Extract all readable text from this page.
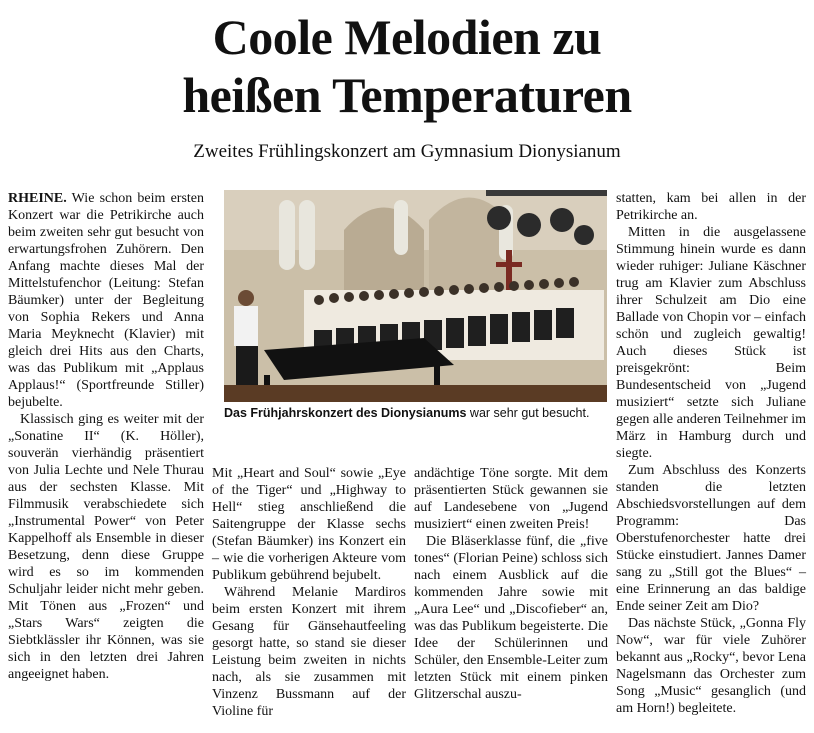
Coole Melodien zu
heißen Temperaturen
Zweites Frühlingskonzert am Gymnasium Dionysianum

RHEINE. Wie schon beim ersten Konzert war die Petrikirche auch beim zweiten sehr gut besucht von erwartungsfrohen Zuhörern. Den Anfang machte dieses Mal der Mittelstufenchor (Leitung: Stefan Bäumker) unter der Begleitung von Sophia Rekers und Anna Maria Meyknecht (Klavier) mit gleich drei Hits aus den Charts, was das Publikum mit „Applaus Applaus!“ (Sportfreunde Stiller) bejubelte.

Klassisch ging es weiter mit der „Sonatine II“ (K. Höller), souverän vierhändig präsentiert von Julia Lechte und Nele Thurau aus der sechsten Klasse. Mit Filmmusik verabschiedete sich „Instrumental Power“ von Peter Kappelhoff als Ensemble in dieser Besetzung, denn diese Gruppe wird es so im kommenden Schuljahr leider nicht mehr geben. Mit Tönen aus „Frozen“ und „Stars Wars“ zeigten die Siebtklässler ihr Können, was sie sich in den letzten drei Jahren angeeignet haben.

Das Frühjahrskonzert des Dionysianums war sehr gut besucht.

Mit „Heart and Soul“ sowie „Eye of the Tiger“ und „Highway to Hell“ stieg anschließend die Saitengruppe der Klasse sechs (Stefan Bäumker) ins Konzert ein – wie die vorherigen Akteure vom Publikum gebührend bejubelt.

Während Melanie Mardiros beim ersten Konzert mit ihrem Gesang für Gänsehautfeeling gesorgt hatte, so stand sie dieser Leistung beim zweiten in nichts nach, als sie zusammen mit Vinzenz Bussmann auf der Violine für

andächtige Töne sorgte. Mit dem präsentierten Stück gewannen sie auf Landesebene von „Jugend musiziert“ einen zweiten Preis!

Die Bläserklasse fünf, die „five tones“ (Florian Peine) schloss sich nach einem Ausblick auf die kommenden Jahre sowie mit „Aura Lee“ und „Discofieber“ an, was das Publikum begeisterte. Die Idee der Schülerinnen und Schüler, den Ensemble-Leiter zum letzten Stück mit einem pinken Glitzerschal auszu-

statten, kam bei allen in der Petrikirche an.

Mitten in die ausgelassene Stimmung hinein wurde es dann wieder ruhiger: Juliane Käschner trug am Klavier zum Abschluss ihrer Schulzeit am Dio eine Ballade von Chopin vor – einfach schön und zugleich gewaltig! Auch dieses Stück ist preisgekrönt: Beim Bundesentscheid von „Jugend musiziert“ setzte sich Juliane gegen alle anderen Teilnehmer im März in Hamburg durch und siegte.

Zum Abschluss des Konzerts standen die letzten Abschiedsvorstellungen auf dem Programm: Das Oberstufenorchester hatte drei Stücke einstudiert. Jannes Damer sang zu „Still got the Blues“ – eine Erinnerung an das baldige Ende seiner Zeit am Dio?

Das nächste Stück, „Gonna Fly Now“, war für viele Zuhörer bekannt aus „Rocky“, bevor Lena Nagelsmann das Orchester zum Song „Music“ gesanglich (und am Horn!) begleitete.
